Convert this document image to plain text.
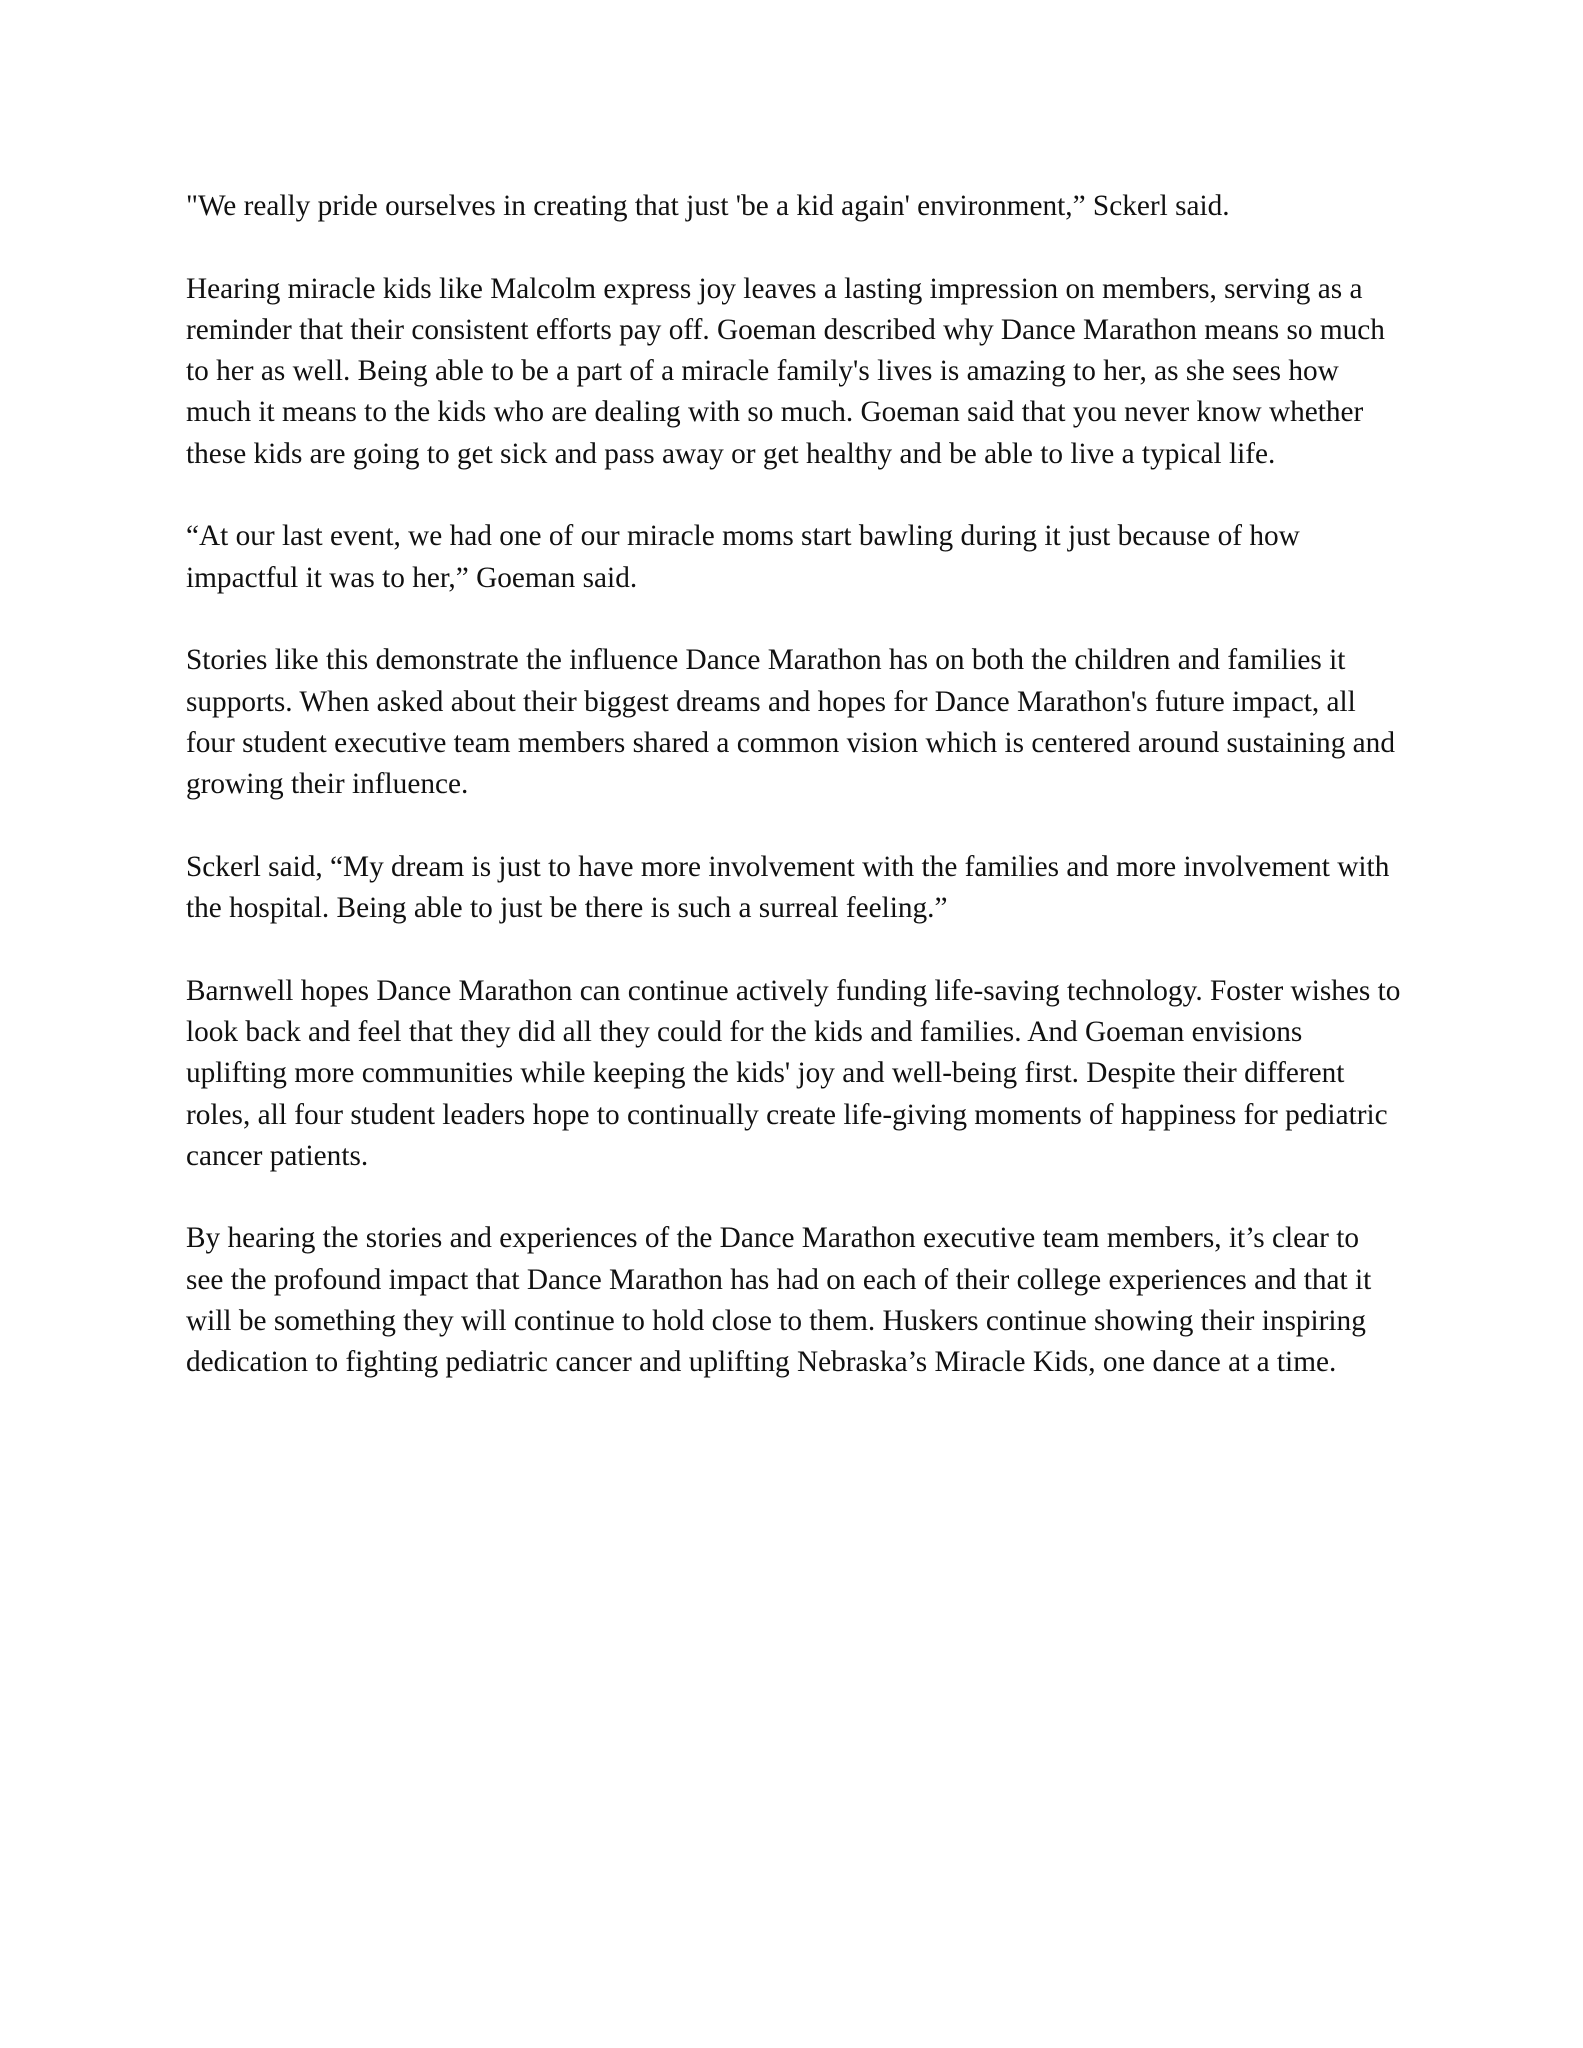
"We really pride ourselves in creating that just 'be a kid again' environment,” Sckerl said.

Hearing miracle kids like Malcolm express joy leaves a lasting impression on members, serving as a reminder that their consistent efforts pay off. Goeman described why Dance Marathon means so much to her as well. Being able to be a part of a miracle family's lives is amazing to her, as she sees how much it means to the kids who are dealing with so much. Goeman said that you never know whether these kids are going to get sick and pass away or get healthy and be able to live a typical life.

“At our last event, we had one of our miracle moms start bawling during it just because of how impactful it was to her,” Goeman said.

Stories like this demonstrate the influence Dance Marathon has on both the children and families it supports. When asked about their biggest dreams and hopes for Dance Marathon's future impact, all four student executive team members shared a common vision which is centered around sustaining and growing their influence.

Sckerl said, “My dream is just to have more involvement with the families and more involvement with the hospital. Being able to just be there is such a surreal feeling.”

Barnwell hopes Dance Marathon can continue actively funding life-saving technology. Foster wishes to look back and feel that they did all they could for the kids and families. And Goeman envisions uplifting more communities while keeping the kids' joy and well-being first. Despite their different roles, all four student leaders hope to continually create life-giving moments of happiness for pediatric cancer patients.

By hearing the stories and experiences of the Dance Marathon executive team members, it’s clear to see the profound impact that Dance Marathon has had on each of their college experiences and that it will be something they will continue to hold close to them. Huskers continue showing their inspiring dedication to fighting pediatric cancer and uplifting Nebraska’s Miracle Kids, one dance at a time.
